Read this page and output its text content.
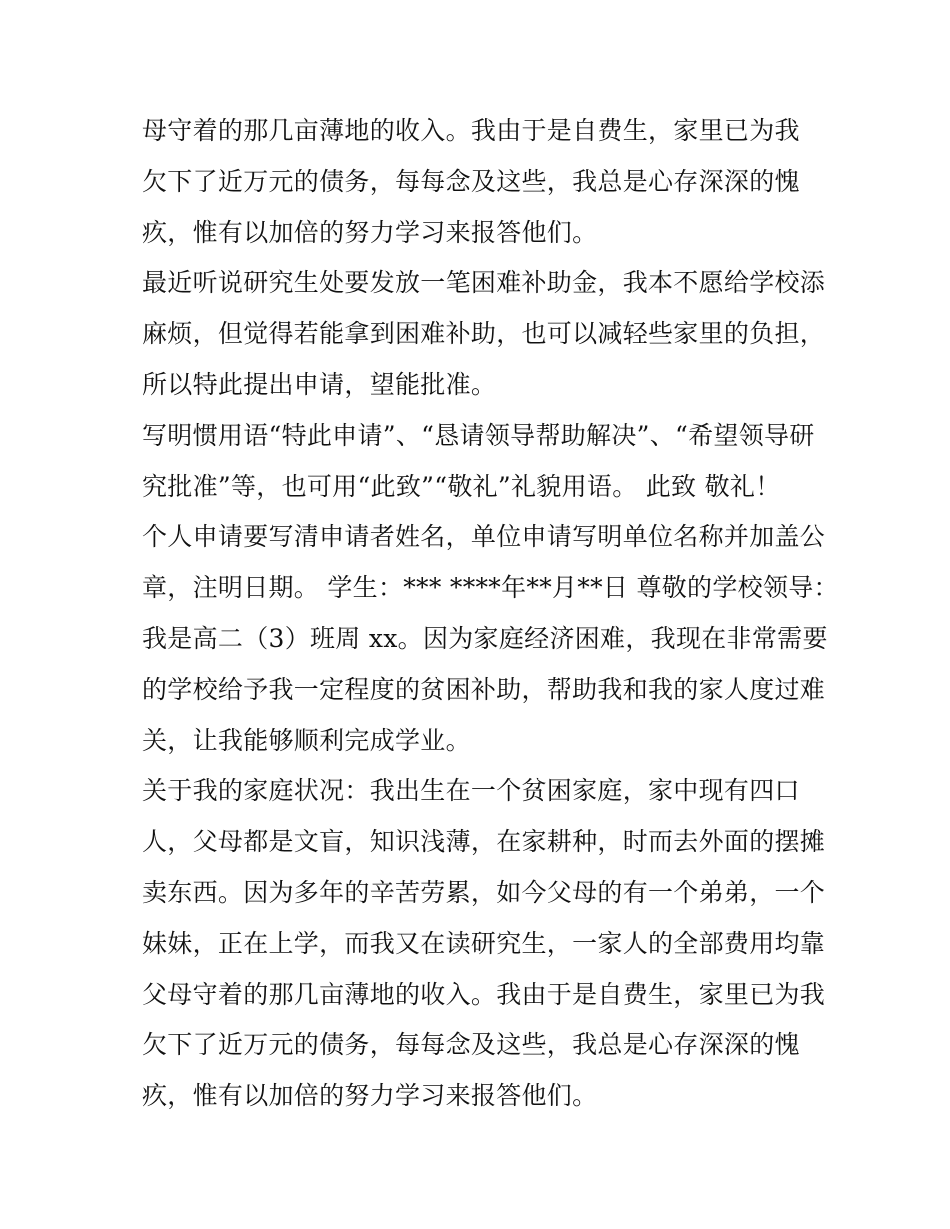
母守着的那几亩薄地的收入。我由于是自费生，家里已为我
欠下了近万元的债务，每每念及这些，我总是心存深深的愧
疚，惟有以加倍的努力学习来报答他们。
最近听说研究生处要发放一笔困难补助金，我本不愿给学校添
麻烦，但觉得若能拿到困难补助，也可以减轻些家里的负担，
所以特此提出申请，望能批准。
写明惯用语“特此申请”、“恳请领导帮助解决”、“希望领导研
究批准”等，也可用“此致”“敬礼”礼貌用语。 此致 敬礼！
个人申请要写清申请者姓名，单位申请写明单位名称并加盖公
章，注明日期。 学生：*** ****年**月**日 尊敬的学校领导：
我是高二（3）班周 xx。因为家庭经济困难，我现在非常需要
的学校给予我一定程度的贫困补助，帮助我和我的家人度过难
关，让我能够顺利完成学业。
关于我的家庭状况：我出生在一个贫困家庭，家中现有四口
人，父母都是文盲，知识浅薄，在家耕种，时而去外面的摆摊
卖东西。因为多年的辛苦劳累，如今父母的有一个弟弟，一个
妹妹，正在上学，而我又在读研究生，一家人的全部费用均靠
父母守着的那几亩薄地的收入。我由于是自费生，家里已为我
欠下了近万元的债务，每每念及这些，我总是心存深深的愧
疚，惟有以加倍的努力学习来报答他们。
